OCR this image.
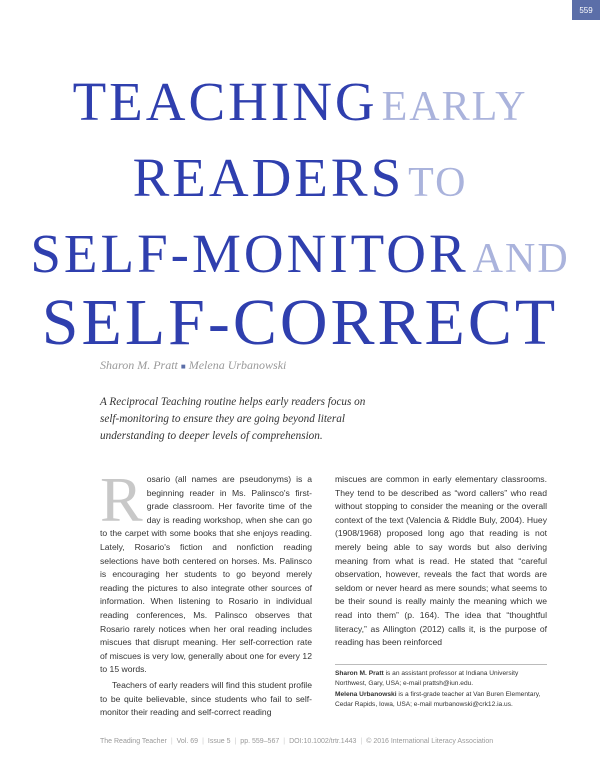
559
TEACHING EARLY
READERS TO
SELF-MONITOR AND
SELF-CORRECT
Sharon M. Pratt ■ Melena Urbanowski
A Reciprocal Teaching routine helps early readers focus on self-monitoring to ensure they are going beyond literal understanding to deeper levels of comprehension.
R osario (all names are pseudonyms) is a beginning reader in Ms. Palinsco's first-grade classroom. Her favorite time of the day is reading workshop, when she can go to the carpet with some books that she enjoys reading. Lately, Rosario's fiction and nonfiction reading selections have both centered on horses. Ms. Palinsco is encouraging her students to go beyond merely reading the pictures to also integrate other sources of information. When listening to Rosario in individual reading conferences, Ms. Palinsco observes that Rosario rarely notices when her oral reading includes miscues that disrupt meaning. Her self-correction rate of miscues is very low, generally about one for every 12 to 15 words.

Teachers of early readers will find this student profile to be quite believable, since students who fail to self-monitor their reading and self-correct reading

miscues are common in early elementary classrooms. They tend to be described as “word callers” who read without stopping to consider the meaning or the overall context of the text (Valencia & Riddle Buly, 2004). Huey (1908/1968) proposed long ago that reading is not merely being able to say words but also deriving meaning from what is read. He stated that “careful observation, however, reveals the fact that words are seldom or never heard as mere sounds; what seems to be their sound is really mainly the meaning which we read into them” (p. 164). The idea that “thoughtful literacy,” as Allington (2012) calls it, is the purpose of reading has been reinforced

Sharon M. Pratt is an assistant professor at Indiana University Northwest, Gary, USA; e-mail prattsh@iun.edu.

Melena Urbanowski is a first-grade teacher at Van Buren Elementary, Cedar Rapids, Iowa, USA; e-mail murbanowski@crk12.ia.us.

The Reading Teacher | Vol. 69 | Issue 5 | pp. 559–567 | DOI:10.1002/trtr.1443 | © 2016 International Literacy Association
